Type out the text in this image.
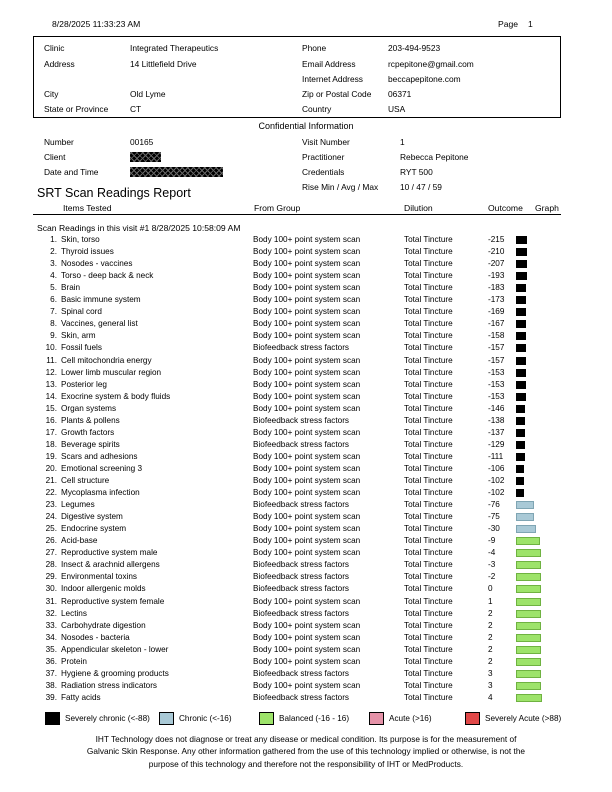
8/28/2025 11:33:23 AM	Page 1
Clinic	Integrated Therapeutics
Address	14 Littlefield Drive
City	Old Lyme
State or Province	CT
Phone	203-494-9523
Email Address	rcpepitone@gmail.com
Internet Address	beccapepitone.com
Zip or Postal Code 06371
Country	USA
Confidential Information
Number	00165
Client
Date and Time
Visit Number	1
Practitioner	Rebecca Pepitone
Credentials	RYT 500
Rise Min / Avg / Max	10 / 47 / 59
SRT Scan Readings Report
Items Tested	From Group	Dilution	Outcome Graph
Scan Readings in this visit #1 8/28/2025 10:58:09 AM
1. Skin, torso	Body 100+ point system scan	Total Tincture	-215
2. Thyroid issues	Body 100+ point system scan	Total Tincture	-210
3. Nosodes - vaccines	Body 100+ point system scan	Total Tincture	-207
4. Torso - deep back & neck	Body 100+ point system scan	Total Tincture	-193
5. Brain	Body 100+ point system scan	Total Tincture	-183
6. Basic immune system	Body 100+ point system scan	Total Tincture	-173
7. Spinal cord	Body 100+ point system scan	Total Tincture	-169
8. Vaccines, general list	Body 100+ point system scan	Total Tincture	-167
9. Skin, arm	Body 100+ point system scan	Total Tincture	-158
10. Fossil fuels	Biofeedback stress factors	Total Tincture	-157
11. Cell mitochondria energy	Body 100+ point system scan	Total Tincture	-157
12. Lower limb muscular region	Body 100+ point system scan	Total Tincture	-153
13. Posterior leg	Body 100+ point system scan	Total Tincture	-153
14. Exocrine system & body fluids	Body 100+ point system scan	Total Tincture	-153
15. Organ systems	Body 100+ point system scan	Total Tincture	-146
16. Plants & pollens	Biofeedback stress factors	Total Tincture	-138
17. Growth factors	Body 100+ point system scan	Total Tincture	-137
18. Beverage spirits	Biofeedback stress factors	Total Tincture	-129
19. Scars and adhesions	Body 100+ point system scan	Total Tincture	-111
20. Emotional screening 3	Body 100+ point system scan	Total Tincture	-106
21. Cell structure	Body 100+ point system scan	Total Tincture	-102
22. Mycoplasma infection	Body 100+ point system scan	Total Tincture	-102
23. Legumes	Biofeedback stress factors	Total Tincture	-76
24. Digestive system	Body 100+ point system scan	Total Tincture	-75
25. Endocrine system	Body 100+ point system scan	Total Tincture	-30
26. Acid-base	Body 100+ point system scan	Total Tincture	-9
27. Reproductive system male	Body 100+ point system scan	Total Tincture	-4
28. Insect & arachnid allergens	Biofeedback stress factors	Total Tincture	-3
29. Environmental toxins	Biofeedback stress factors	Total Tincture	-2
30. Indoor allergenic molds	Biofeedback stress factors	Total Tincture	0
31. Reproductive system female	Body 100+ point system scan	Total Tincture	1
32. Lectins	Biofeedback stress factors	Total Tincture	2
33. Carbohydrate digestion	Body 100+ point system scan	Total Tincture	2
34. Nosodes - bacteria	Body 100+ point system scan	Total Tincture	2
35. Appendicular skeleton - lower	Body 100+ point system scan	Total Tincture	2
36. Protein	Body 100+ point system scan	Total Tincture	2
37. Hygiene & grooming products	Biofeedback stress factors	Total Tincture	3
38. Radiation stress indicators	Body 100+ point system scan	Total Tincture	3
39. Fatty acids	Biofeedback stress factors	Total Tincture	4
Severely chronic (<-88)	Chronic (<-16)	Balanced (-16 - 16)	Acute (>16)	Severely Acute (>88)
IHT Technology does not diagnose or treat any disease or medical condition. Its purpose is for the measurement of
Galvanic Skin Response. Any other information gathered from the use of this technology implied or otherwise, is not the
purpose of this technology and therefore not the responsibility of IHT or MedProducts.
